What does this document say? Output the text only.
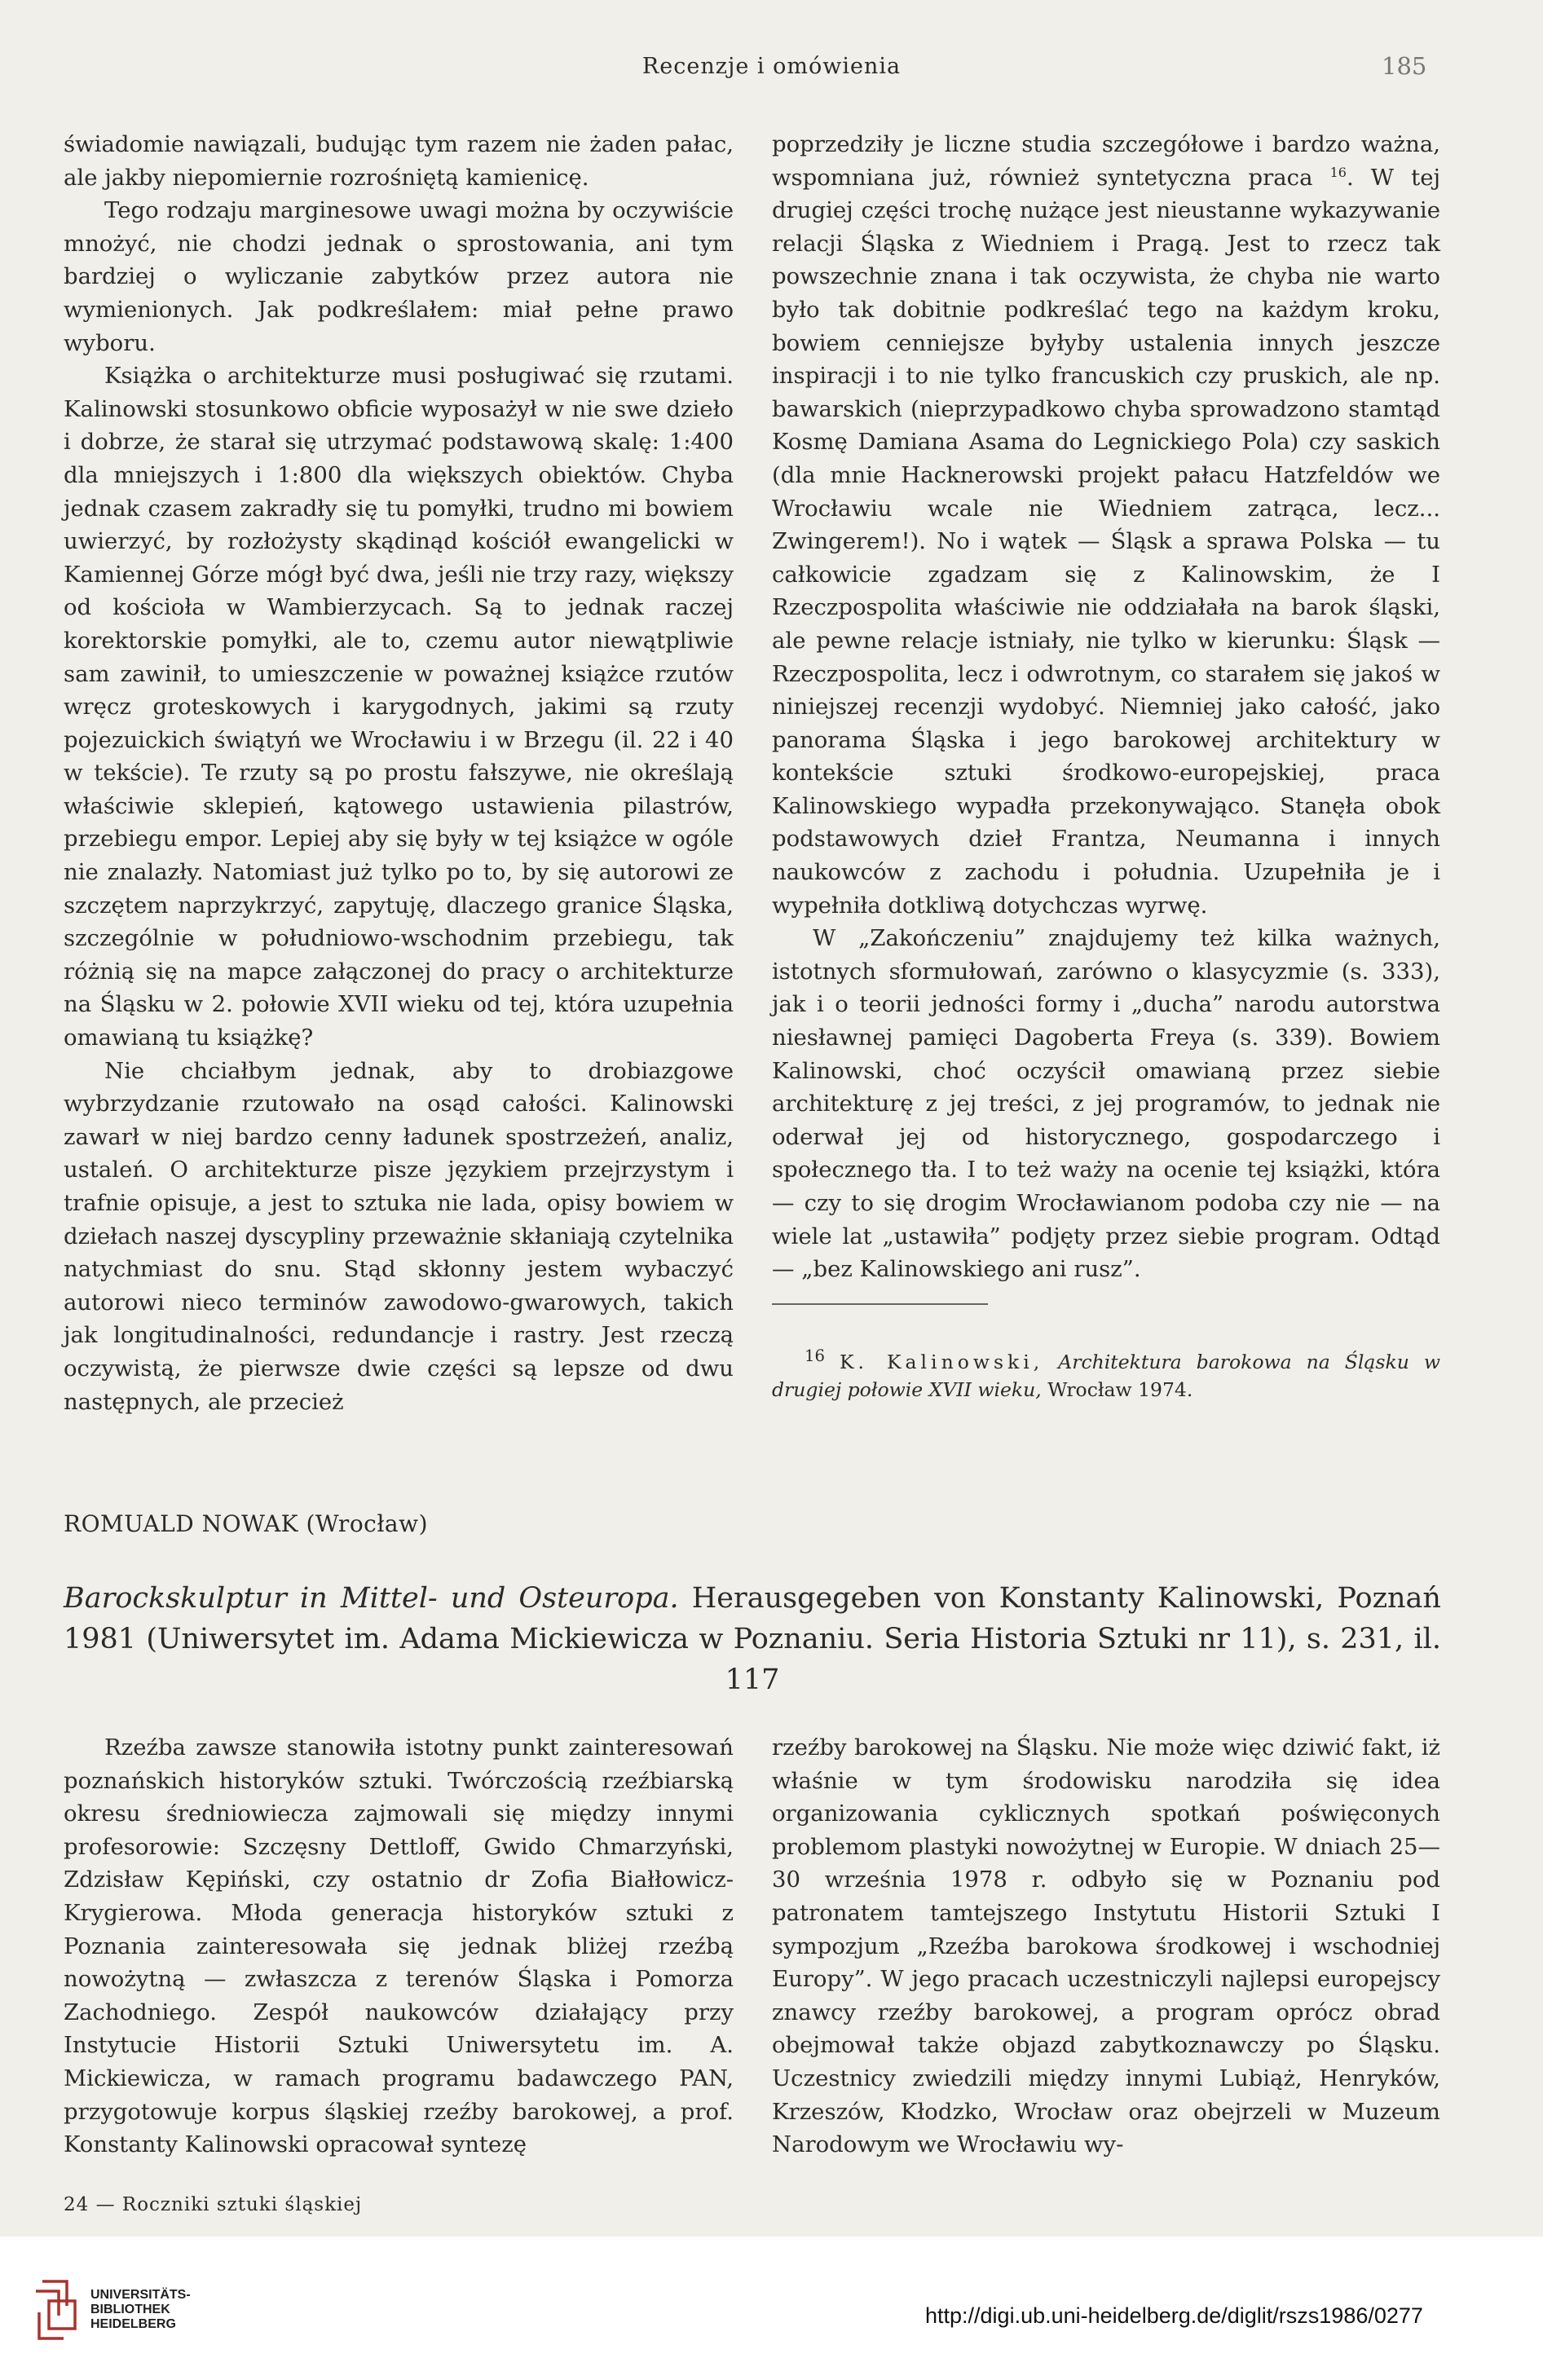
Recenzje i omówienia	185

świadomie nawiązali, budując tym razem nie żaden pałac, ale jakby niepomiernie rozrośniętą kamienicę.

Tego rodzaju marginesowe uwagi można by oczywiście mnożyć, nie chodzi jednak o sprostowania, ani tym bardziej o wyliczanie zabytków przez autora nie wymienionych. Jak podkreślałem: miał pełne prawo wyboru.

Książka o architekturze musi posługiwać się rzutami. Kalinowski stosunkowo obficie wyposażył w nie swe dzieło i dobrze, że starał się utrzymać podstawową skalę: 1:400 dla mniejszych i 1:800 dla większych obiektów. Chyba jednak czasem zakradły się tu pomyłki, trudno mi bowiem uwierzyć, by rozłożysty skądinąd kościół ewangelicki w Kamiennej Górze mógł być dwa, jeśli nie trzy razy, większy od kościoła w Wambierzycach. Są to jednak raczej korektorskie pomyłki, ale to, czemu autor niewątpliwie sam zawinił, to umieszczenie w poważnej książce rzutów wręcz groteskowych i karygodnych, jakimi są rzuty pojezuickich świątyń we Wrocławiu i w Brzegu (il. 22 i 40 w tekście). Te rzuty są po prostu fałszywe, nie określają właściwie sklepień, kątowego ustawienia pilastrów, przebiegu empor. Lepiej aby się były w tej książce w ogóle nie znalazły. Natomiast już tylko po to, by się autorowi ze szczętem naprzykrzyć, zapytuję, dlaczego granice Śląska, szczególnie w południowo-wschodnim przebiegu, tak różnią się na mapce załączonej do pracy o architekturze na Śląsku w 2. połowie XVII wieku od tej, która uzupełnia omawianą tu książkę?

Nie chciałbym jednak, aby to drobiazgowe wybrzydzanie rzutowało na osąd całości. Kalinowski zawarł w niej bardzo cenny ładunek spostrzeżeń, analiz, ustaleń. O architekturze pisze językiem przejrzystym i trafnie opisuje, a jest to sztuka nie lada, opisy bowiem w dziełach naszej dyscypliny przeważnie skłaniają czytelnika natychmiast do snu. Stąd skłonny jestem wybaczyć autorowi nieco terminów zawodowo-gwarowych, takich jak longitudinalności, redundancje i rastry. Jest rzeczą oczywistą, że pierwsze dwie części są lepsze od dwu następnych, ale przecież

poprzedziły je liczne studia szczegółowe i bardzo ważna, wspomniana już, również syntetyczna praca $^{16}$. W tej drugiej części trochę nużące jest nieustanne wykazywanie relacji Śląska z Wiedniem i Pragą. Jest to rzecz tak powszechnie znana i tak oczywista, że chyba nie warto było tak dobitnie podkreślać tego na każdym kroku, bowiem cenniejsze byłyby ustalenia innych jeszcze inspiracji i to nie tylko francuskich czy pruskich, ale np. bawarskich (nieprzypadkowo chyba sprowadzono stamtąd Kosmę Damiana Asama do Legnickiego Pola) czy saskich (dla mnie Hacknerowski projekt pałacu Hatzfeldów we Wrocławiu wcale nie Wiedniem zatrąca, lecz... Zwingerem!). No i wątek — Śląsk a sprawa Polska — tu całkowicie zgadzam się z Kalinowskim, że I Rzeczpospolita właściwie nie oddziałała na barok śląski, ale pewne relacje istniały, nie tylko w kierunku: Śląsk — Rzeczpospolita, lecz i odwrotnym, co starałem się jakoś w niniejszej recenzji wydobyć. Niemniej jako całość, jako panorama Śląska i jego barokowej architektury w kontekście sztuki środkowo-europejskiej, praca Kalinowskiego wypadła przekonywająco. Stanęła obok podstawowych dzieł Frantza, Neumanna i innych naukowców z zachodu i południa. Uzupełniła je i wypełniła dotkliwą dotychczas wyrwę.

W „Zakończeniu” znajdujemy też kilka ważnych, istotnych sformułowań, zarówno o klasycyzmie (s. 333), jak i o teorii jedności formy i „ducha” narodu autorstwa niesławnej pamięci Dagoberta Freya (s. 339). Bowiem Kalinowski, choć oczyścił omawianą przez siebie architekturę z jej treści, z jej programów, to jednak nie oderwał jej od historycznego, gospodarczego i społecznego tła. I to też waży na ocenie tej książki, która — czy to się drogim Wrocławianom podoba czy nie — na wiele lat „ustawiła” podjęty przez siebie program. Odtąd — „bez Kalinowskiego ani rusz”.

$^{16}$ K. Kalinowski, Architektura barokowa na Śląsku w drugiej połowie XVII wieku, Wrocław 1974.
ROMUALD NOWAK (Wrocław)
Barockskulptur in Mittel- und Osteuropa. Herausgegeben von Konstanty Kalinowski, Poznań 1981 (Uniwersytet im. Adama Mickiewicza w Poznaniu. Seria Historia Sztuki nr 11), s. 231, il. 117

Rzeźba zawsze stanowiła istotny punkt zainteresowań poznańskich historyków sztuki. Twórczością rzeźbiarską okresu średniowiecza zajmowali się między innymi profesorowie: Szczęsny Dettloff, Gwido Chmarzyński, Zdzisław Kępiński, czy ostatnio dr Zofia Białłowicz-Krygierowa. Młoda generacja historyków sztuki z Poznania zainteresowała się jednak bliżej rzeźbą nowożytną — zwłaszcza z terenów Śląska i Pomorza Zachodniego. Zespół naukowców działający przy Instytucie Historii Sztuki Uniwersytetu im. A. Mickiewicza, w ramach programu badawczego PAN, przygotowuje korpus śląskiej rzeźby barokowej, a prof. Konstanty Kalinowski opracował syntezę

rzeźby barokowej na Śląsku. Nie może więc dziwić fakt, iż właśnie w tym środowisku narodziła się idea organizowania cyklicznych spotkań poświęconych problemom plastyki nowożytnej w Europie. W dniach 25—30 września 1978 r. odbyło się w Poznaniu pod patronatem tamtejszego Instytutu Historii Sztuki I sympozjum „Rzeźba barokowa środkowej i wschodniej Europy”. W jego pracach uczestniczyli najlepsi europejscy znawcy rzeźby barokowej, a program oprócz obrad obejmował także objazd zabytkoznawczy po Śląsku. Uczestnicy zwiedzili między innymi Lubiąż, Henryków, Krzeszów, Kłodzko, Wrocław oraz obejrzeli w Muzeum Narodowym we Wrocławiu wy-

24 — Roczniki sztuki śląskiej
UNIVERSITÄTS-
BIBLIOTHEK
HEIDELBERG	http://digi.ub.uni-heidelberg.de/diglit/rszs1986/0277
